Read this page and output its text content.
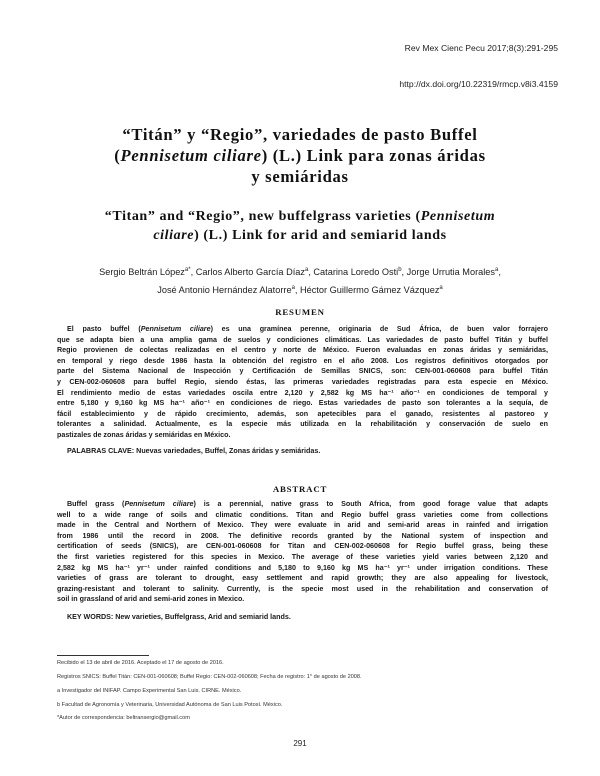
Rev Mex Cienc Pecu 2017;8(3):291-295
http://dx.doi.org/10.22319/rmcp.v8i3.4159
“Titán” y “Regio”, variedades de pasto Buffel
(Pennisetum ciliare) (L.) Link para zonas áridas
y semiáridas
“Titan” and “Regio”, new buffelgrass varieties (Pennisetum
ciliare) (L.) Link for arid and semiarid lands
Sergio Beltrán López$^{a*}$, Carlos Alberto García Díaz$^a$, Catarina Loredo Osti$^b$, Jorge Urrutia Morales$^a$,
José Antonio Hernández Alatorre$^a$, Héctor Guillermo Gámez Vázquez$^a$
RESUMEN
El pasto buffel (Pennisetum ciliare) es una gramínea perenne, originaria de Sud África, de buen valor forrajero
que se adapta bien a una amplia gama de suelos y condiciones climáticas. Las variedades de pasto buffel Titán y buffel
Regio provienen de colectas realizadas en el centro y norte de México. Fueron evaluadas en zonas áridas y semiáridas,
en temporal y riego desde 1986 hasta la obtención del registro en el año 2008. Los registros definitivos otorgados por
parte del Sistema Nacional de Inspección y Certificación de Semillas SNICS, son: CEN-001-060608 para buffel Titán
y CEN-002-060608 para buffel Regio, siendo éstas, las primeras variedades registradas para esta especie en México.
El rendimiento medio de estas variedades oscila entre 2,120 y 2,582 kg MS ha⁻¹ año⁻¹ en condiciones de temporal y
entre 5,180 y 9,160 kg MS ha⁻¹ año⁻¹ en condiciones de riego. Estas variedades de pasto son tolerantes a la sequía, de
fácil establecimiento y de rápido crecimiento, además, son apetecibles para el ganado, resistentes al pastoreo y
tolerantes a salinidad. Actualmente, es la especie más utilizada en la rehabilitación y conservación de suelo en
pastizales de zonas áridas y semiáridas en México.
PALABRAS CLAVE: Nuevas variedades, Buffel, Zonas áridas y semiáridas.
ABSTRACT
Buffel grass (Pennisetum ciliare) is a perennial, native grass to South Africa, from good forage value that adapts
well to a wide range of soils and climatic conditions. Titan and Regio buffel grass varieties come from collections
made in the Central and Northern of Mexico. They were evaluate in arid and semi-arid areas in rainfed and irrigation
from 1986 until the record in 2008. The definitive records granted by the National system of inspection and
certification of seeds (SNICS), are CEN-001-060608 for Titan and CEN-002-060608 for Regio buffel grass, being these
the first varieties registered for this species in Mexico. The average of these varieties yield varies between 2,120 and
2,582 kg MS ha⁻¹ yr⁻¹ under rainfed conditions and 5,180 to 9,160 kg MS ha⁻¹ yr⁻¹ under irrigation conditions. These
varieties of grass are tolerant to drought, easy settlement and rapid growth; they are also appealing for livestock,
grazing-resistant and tolerant to salinity. Currently, is the specie most used in the rehabilitation and conservation of
soil in grassland of arid and semi-arid zones in Mexico.
KEY WORDS: New varieties, Buffelgrass, Arid and semiarid lands.
Recibido el 13 de abril de 2016. Aceptado el 17 de agosto de 2016.
Registros SNICS: Buffel Titán: CEN-001-060608; Buffel Regio: CEN-002-060608; Fecha de registro: 1° de agosto de 2008.
a Investigador del INIFAP. Campo Experimental San Luis. CIRNE. México.
b Facultad de Agronomía y Veterinaria, Universidad Autónoma de San Luis Potosí. México.
*Autor de correspondencia: beltransergio@gmail.com
291
